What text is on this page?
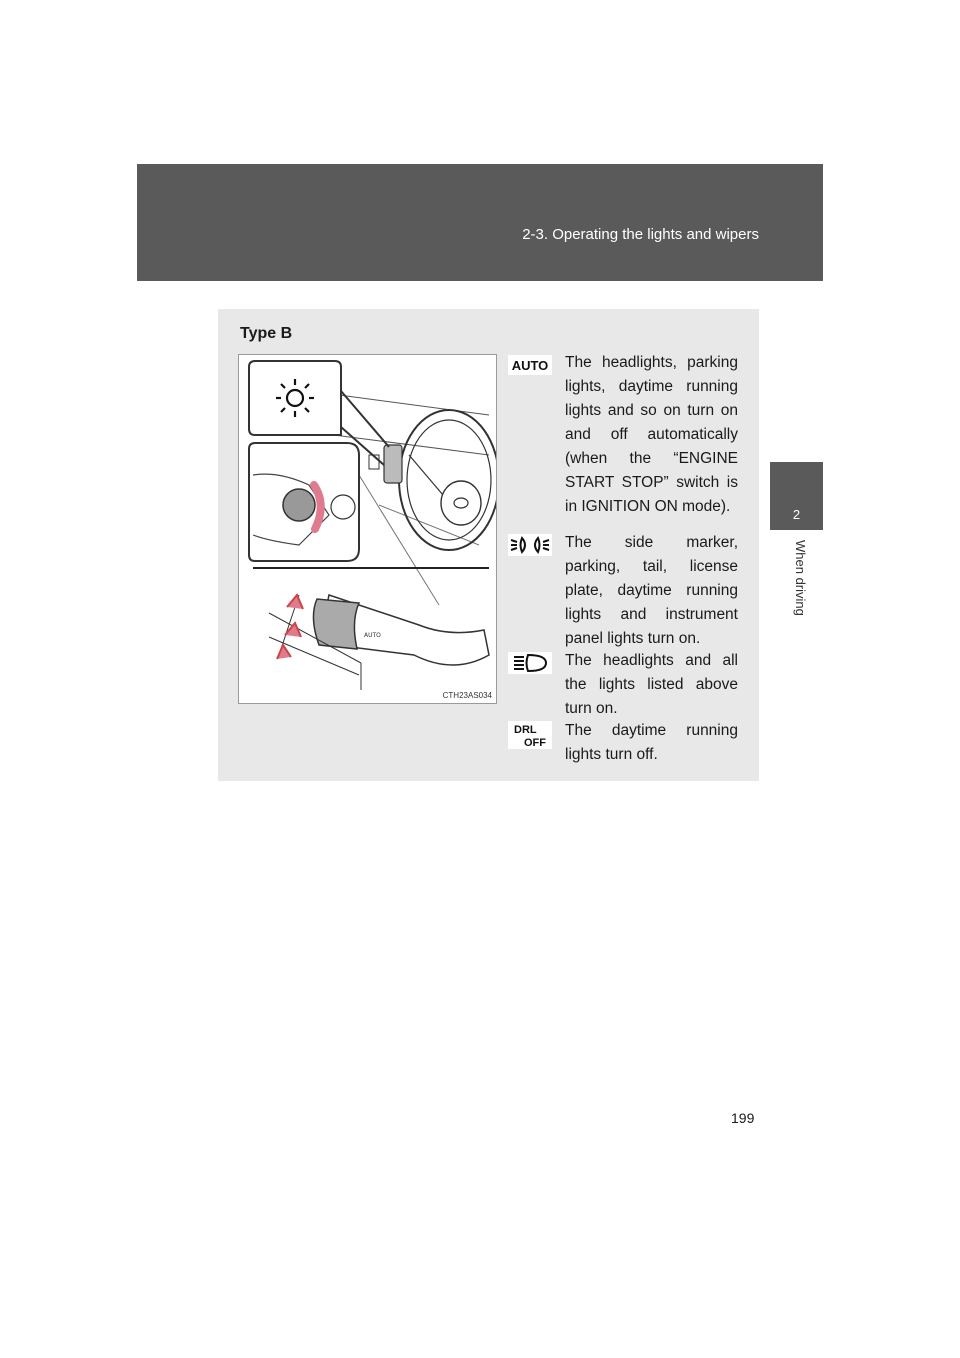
2-3. Operating the lights and wipers
2
When driving
Type B
AUTO
CTH23AS034
AUTO The headlights, parking lights, daytime running lights and so on turn on and off automatically (when the “ENGINE START STOP” switch is in IGNITION ON mode).
The side marker, parking, tail, license plate, daytime running lights and instrument panel lights turn on.
The headlights and all the lights listed above turn on.
DRL
OFF
The daytime running lights turn off.
199
